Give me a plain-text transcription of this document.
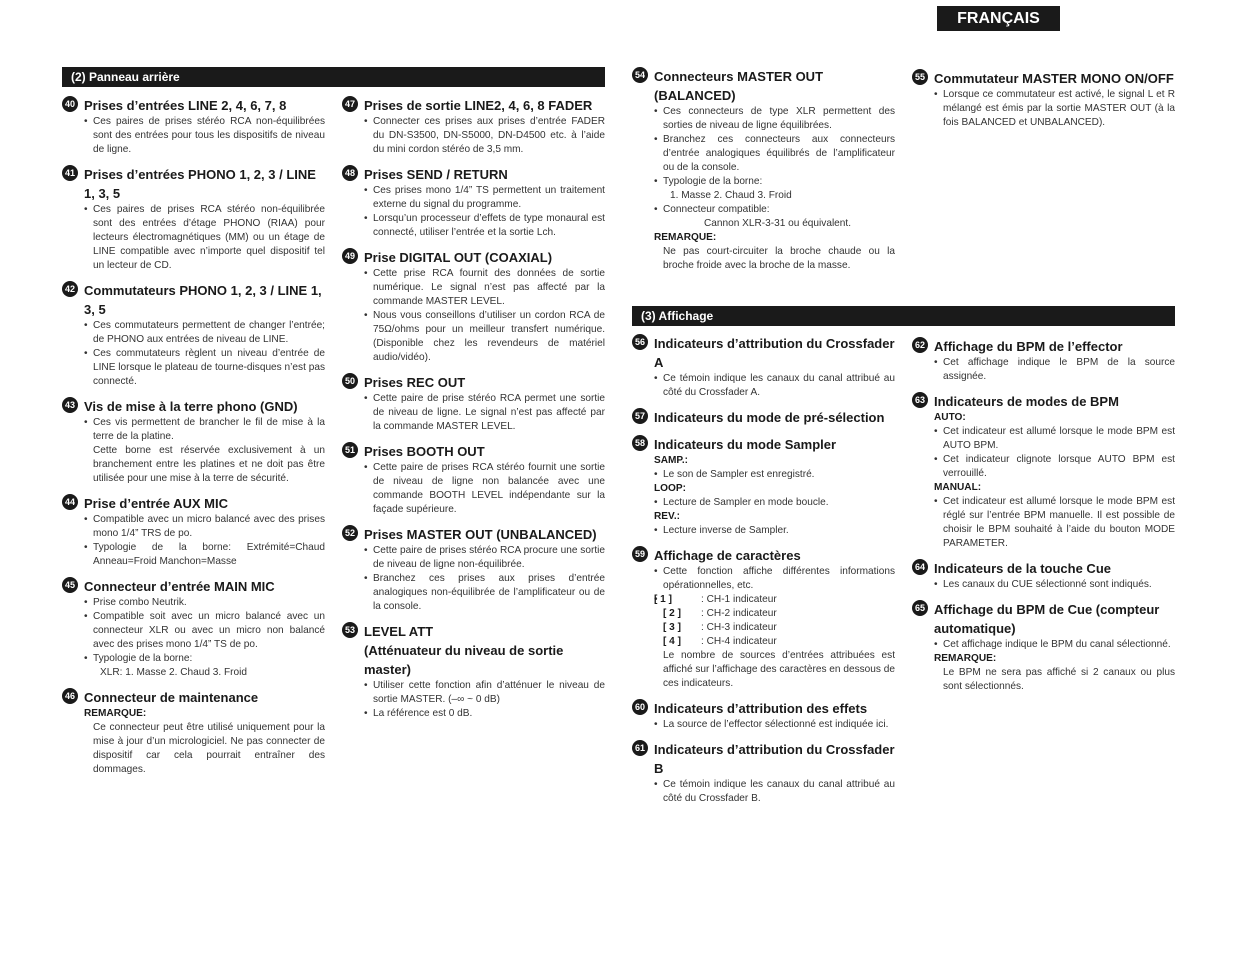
FRANÇAIS
(2) Panneau arrière
(3) Affichage
40 Prises d’entrées LINE 2, 4, 6, 7, 8
• Ces paires de prises stéréo RCA non-équilibrées sont des entrées pour tous les dispositifs de niveau de ligne.
41 Prises d’entrées PHONO 1, 2, 3 / LINE 1, 3, 5
• Ces paires de prises RCA stéréo non-équilibrée sont des entrées d’étage PHONO (RIAA) pour lecteurs électromagnétiques (MM) ou un étage de LINE compatible avec n’importe quel dispositif tel un lecteur de CD.
42 Commutateurs PHONO 1, 2, 3 / LINE 1, 3, 5
• Ces commutateurs permettent de changer l’entrée; de PHONO aux entrées de niveau de LINE.
• Ces commutateurs règlent un niveau d’entrée de LINE lorsque le plateau de tourne-disques n’est pas connecté.
43 Vis de mise à la terre phono (GND)
• Ces vis permettent de brancher le fil de mise à la terre de la platine.
Cette borne est réservée exclusivement à un branchement entre les platines et ne doit pas être utilisée pour une mise à la terre de sécurité.
44 Prise d’entrée AUX MIC
• Compatible avec un micro balancé avec des prises mono 1/4” TRS de po.
• Typologie de la borne: Extrémité=Chaud Anneau=Froid Manchon=Masse
45 Connecteur d’entrée MAIN MIC
• Prise combo Neutrik.
• Compatible soit avec un micro balancé avec un connecteur XLR ou avec un micro non balancé avec des prises mono 1/4” TS de po.
• Typologie de la borne:
XLR: 1. Masse 2. Chaud 3. Froid
46 Connecteur de maintenance
REMARQUE:
Ce connecteur peut être utilisé uniquement pour la mise à jour d’un micrologiciel. Ne pas connecter de dispositif car cela pourrait entraîner des dommages.
47 Prises de sortie LINE2, 4, 6, 8 FADER
• Connecter ces prises aux prises d’entrée FADER du DN-S3500, DN-S5000, DN-D4500 etc. à l’aide du mini cordon stéréo de 3,5 mm.
48 Prises SEND / RETURN
• Ces prises mono 1/4” TS permettent un traitement externe du signal du programme.
• Lorsqu’un processeur d’effets de type monaural est connecté, utiliser l’entrée et la sortie Lch.
49 Prise DIGITAL OUT (COAXIAL)
• Cette prise RCA fournit des données de sortie numérique. Le signal n’est pas affecté par la commande MASTER LEVEL.
• Nous vous conseillons d’utiliser un cordon RCA de 75Ω/ohms pour un meilleur transfert numérique. (Disponible chez les revendeurs de matériel audio/vidéo).
50 Prises REC OUT
• Cette paire de prise stéréo RCA permet une sortie de niveau de ligne. Le signal n’est pas affecté par la commande MASTER LEVEL.
51 Prises BOOTH OUT
• Cette paire de prises RCA stéréo fournit une sortie de niveau de ligne non balancée avec une commande BOOTH LEVEL indépendante sur la façade supérieure.
52 Prises MASTER OUT (UNBALANCED)
• Cette paire de prises stéréo RCA procure une sortie de niveau de ligne non-équilibrée.
• Branchez ces prises aux prises d’entrée analogiques non-équilibrée de l’amplificateur ou de la console.
53 LEVEL ATT
(Atténuateur du niveau de sortie master)
• Utiliser cette fonction afin d’atténuer le niveau de sortie MASTER. (–∞ ~ 0 dB)
• La référence est 0 dB.
54 Connecteurs MASTER OUT (BALANCED)
• Ces connecteurs de type XLR permettent des sorties de niveau de ligne équilibrées.
• Branchez ces connecteurs aux connecteurs d’entrée analogiques équilibrés de l’amplificateur ou de la console.
• Typologie de la borne:
1. Masse 2. Chaud 3. Froid
• Connecteur compatible:
Cannon XLR-3-31 ou équivalent.
REMARQUE:
Ne pas court-circuiter la broche chaude ou la broche froide avec la broche de la masse.
56 Indicateurs d’attribution du Crossfader A
• Ce témoin indique les canaux du canal attribué au côté du Crossfader A.
57 Indicateurs du mode de pré-sélection
58 Indicateurs du mode Sampler
SAMP.:
• Le son de Sampler est enregistré.
LOOP:
• Lecture de Sampler en mode boucle.
REV.:
• Lecture inverse de Sampler.
59 Affichage de caractères
• Cette fonction affiche différentes informations opérationnelles, etc.
• [ 1 ]	: CH-1 indicateur
[ 2 ] : CH-2 indicateur
[ 3 ] : CH-3 indicateur
[ 4 ] : CH-4 indicateur
Le nombre de sources d’entrées attribuées est affiché sur l’affichage des caractères en dessous de ces indicateurs.
60 Indicateurs d’attribution des effets
• La source de l’effector sélectionné est indiquée ici.
61 Indicateurs d’attribution du Crossfader B
• Ce témoin indique les canaux du canal attribué au côté du Crossfader B.
55 Commutateur MASTER MONO ON/OFF
• Lorsque ce commutateur est activé, le signal L et R mélangé est émis par la sortie MASTER OUT (à la fois BALANCED et UNBALANCED).
62 Affichage du BPM de l’effector
• Cet affichage indique le BPM de la source assignée.
63 Indicateurs de modes de BPM
AUTO:
• Cet indicateur est allumé lorsque le mode BPM est AUTO BPM.
• Cet indicateur clignote lorsque AUTO BPM est verrouillé.
MANUAL:
• Cet indicateur est allumé lorsque le mode BPM est réglé sur l’entrée BPM manuelle. Il est possible de choisir le BPM souhaité à l’aide du bouton MODE PARAMETER.
64 Indicateurs de la touche Cue
• Les canaux du CUE sélectionné sont indiqués.
65 Affichage du BPM de Cue (compteur automatique)
• Cet affichage indique le BPM du canal sélectionné.
REMARQUE:
Le BPM ne sera pas affiché si 2 canaux ou plus sont sélectionnés.
